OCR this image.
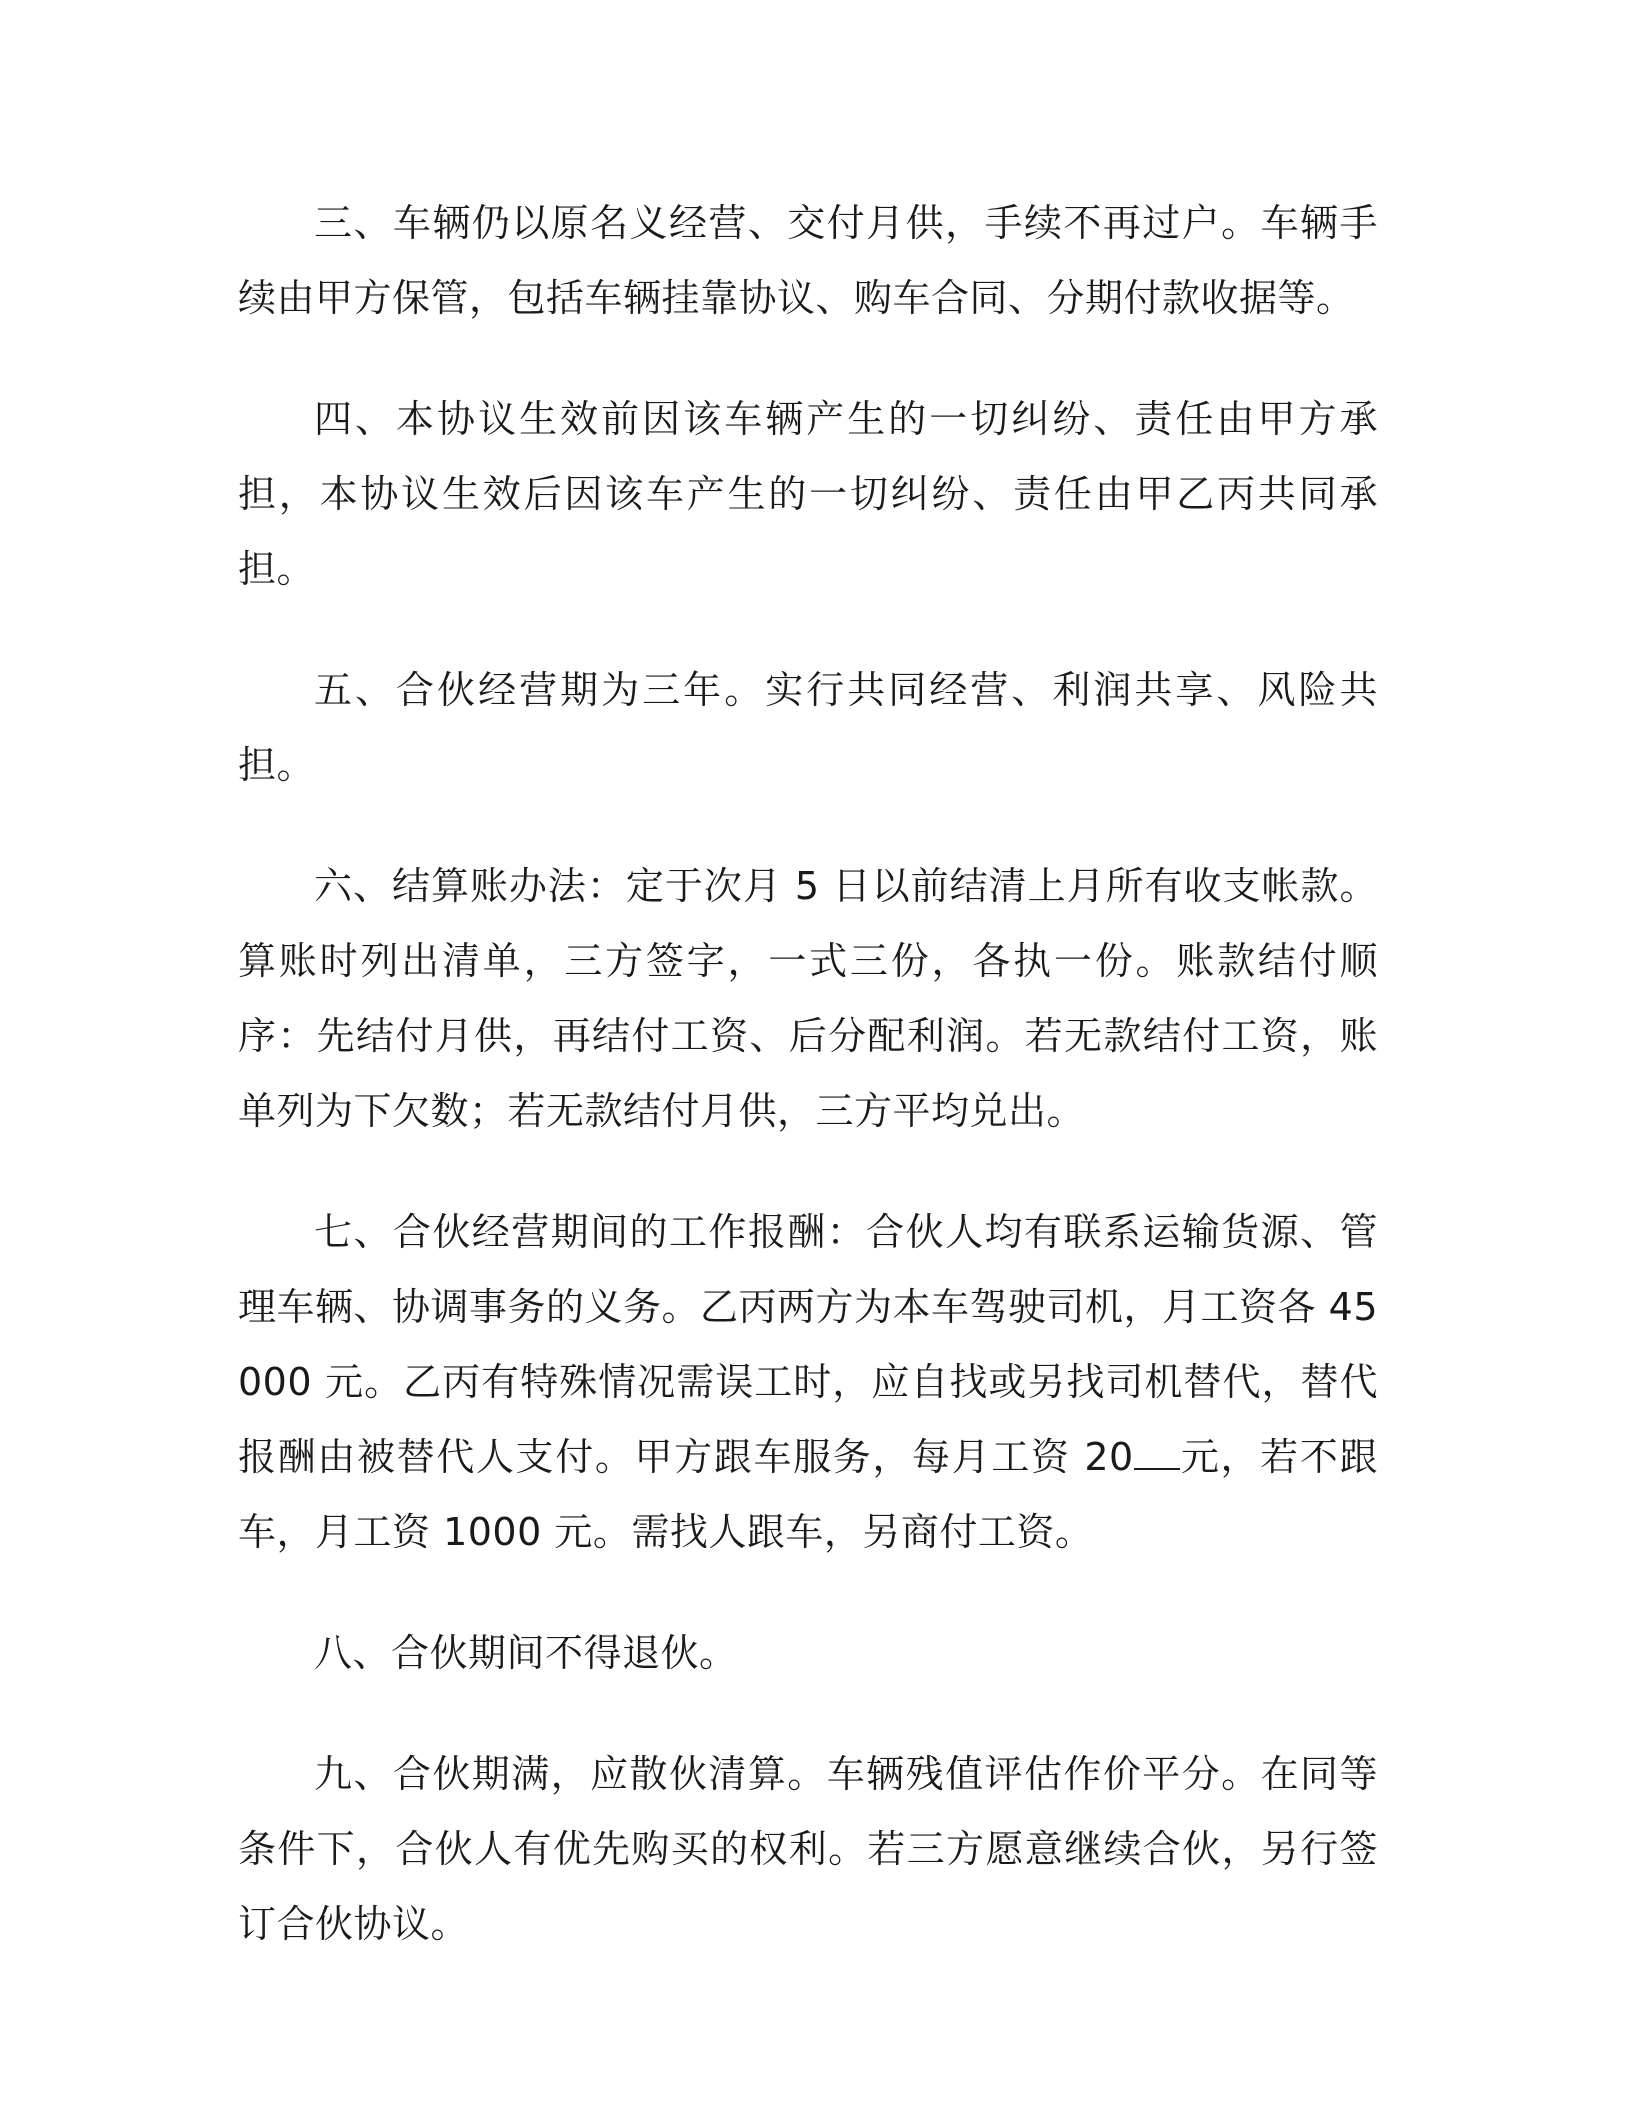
三、车辆仍以原名义经营、交付月供，手续不再过户。车辆手续由甲方保管，包括车辆挂靠协议、购车合同、分期付款收据等。

四、本协议生效前因该车辆产生的一切纠纷、责任由甲方承担，本协议生效后因该车产生的一切纠纷、责任由甲乙丙共同承担。

五、合伙经营期为三年。实行共同经营、利润共享、风险共担。

六、结算账办法：定于次月 5 日以前结清上月所有收支帐款。算账时列出清单，三方签字，一式三份，各执一份。账款结付顺序：先结付月供，再结付工资、后分配利润。若无款结付工资，账单列为下欠数；若无款结付月供，三方平均兑出。

七、合伙经营期间的工作报酬：合伙人均有联系运输货源、管理车辆、协调事务的义务。乙丙两方为本车驾驶司机，月工资各 45000 元。乙丙有特殊情况需误工时，应自找或另找司机替代，替代报酬由被替代人支付。甲方跟车服务，每月工资 20 元，若不跟车，月工资 1000 元。需找人跟车，另商付工资。

八、合伙期间不得退伙。

九、合伙期满，应散伙清算。车辆残值评估作价平分。在同等条件下，合伙人有优先购买的权利。若三方愿意继续合伙，另行签订合伙协议。
